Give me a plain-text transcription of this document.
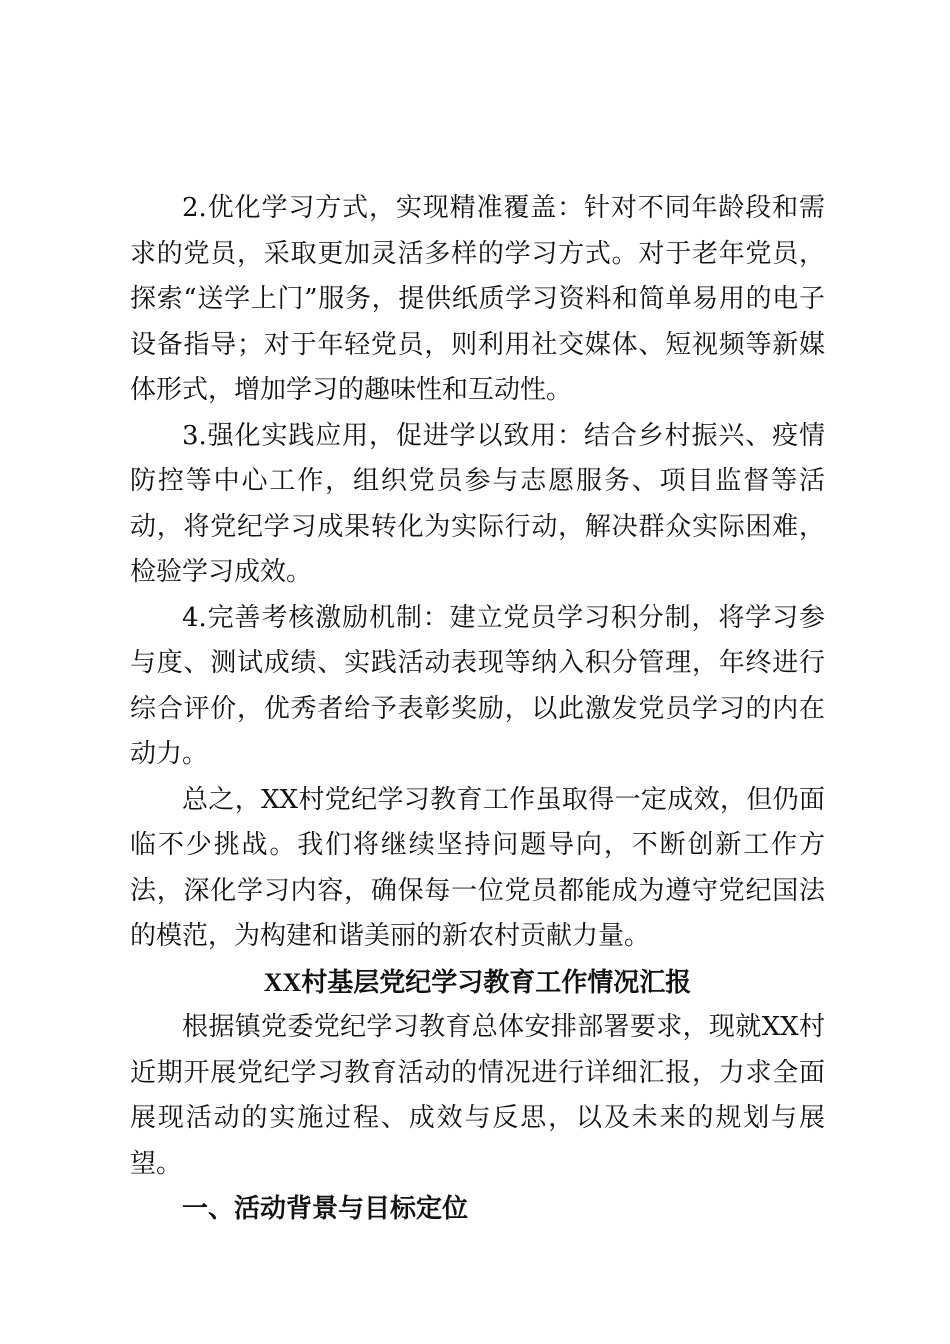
2.优化学习方式，实现精准覆盖：针对不同年龄段和需求的党员，采取更加灵活多样的学习方式。对于老年党员，探索“送学上门”服务，提供纸质学习资料和简单易用的电子设备指导；对于年轻党员，则利用社交媒体、短视频等新媒体形式，增加学习的趣味性和互动性。

3.强化实践应用，促进学以致用：结合乡村振兴、疫情防控等中心工作，组织党员参与志愿服务、项目监督等活动，将党纪学习成果转化为实际行动，解决群众实际困难，检验学习成效。

4.完善考核激励机制：建立党员学习积分制，将学习参与度、测试成绩、实践活动表现等纳入积分管理，年终进行综合评价，优秀者给予表彰奖励，以此激发党员学习的内在动力。

总之，XX村党纪学习教育工作虽取得一定成效，但仍面临不少挑战。我们将继续坚持问题导向，不断创新工作方法，深化学习内容，确保每一位党员都能成为遵守党纪国法的模范，为构建和谐美丽的新农村贡献力量。

XX村基层党纪学习教育工作情况汇报

根据镇党委党纪学习教育总体安排部署要求，现就XX村近期开展党纪学习教育活动的情况进行详细汇报，力求全面展现活动的实施过程、成效与反思，以及未来的规划与展望。

一、活动背景与目标定位
